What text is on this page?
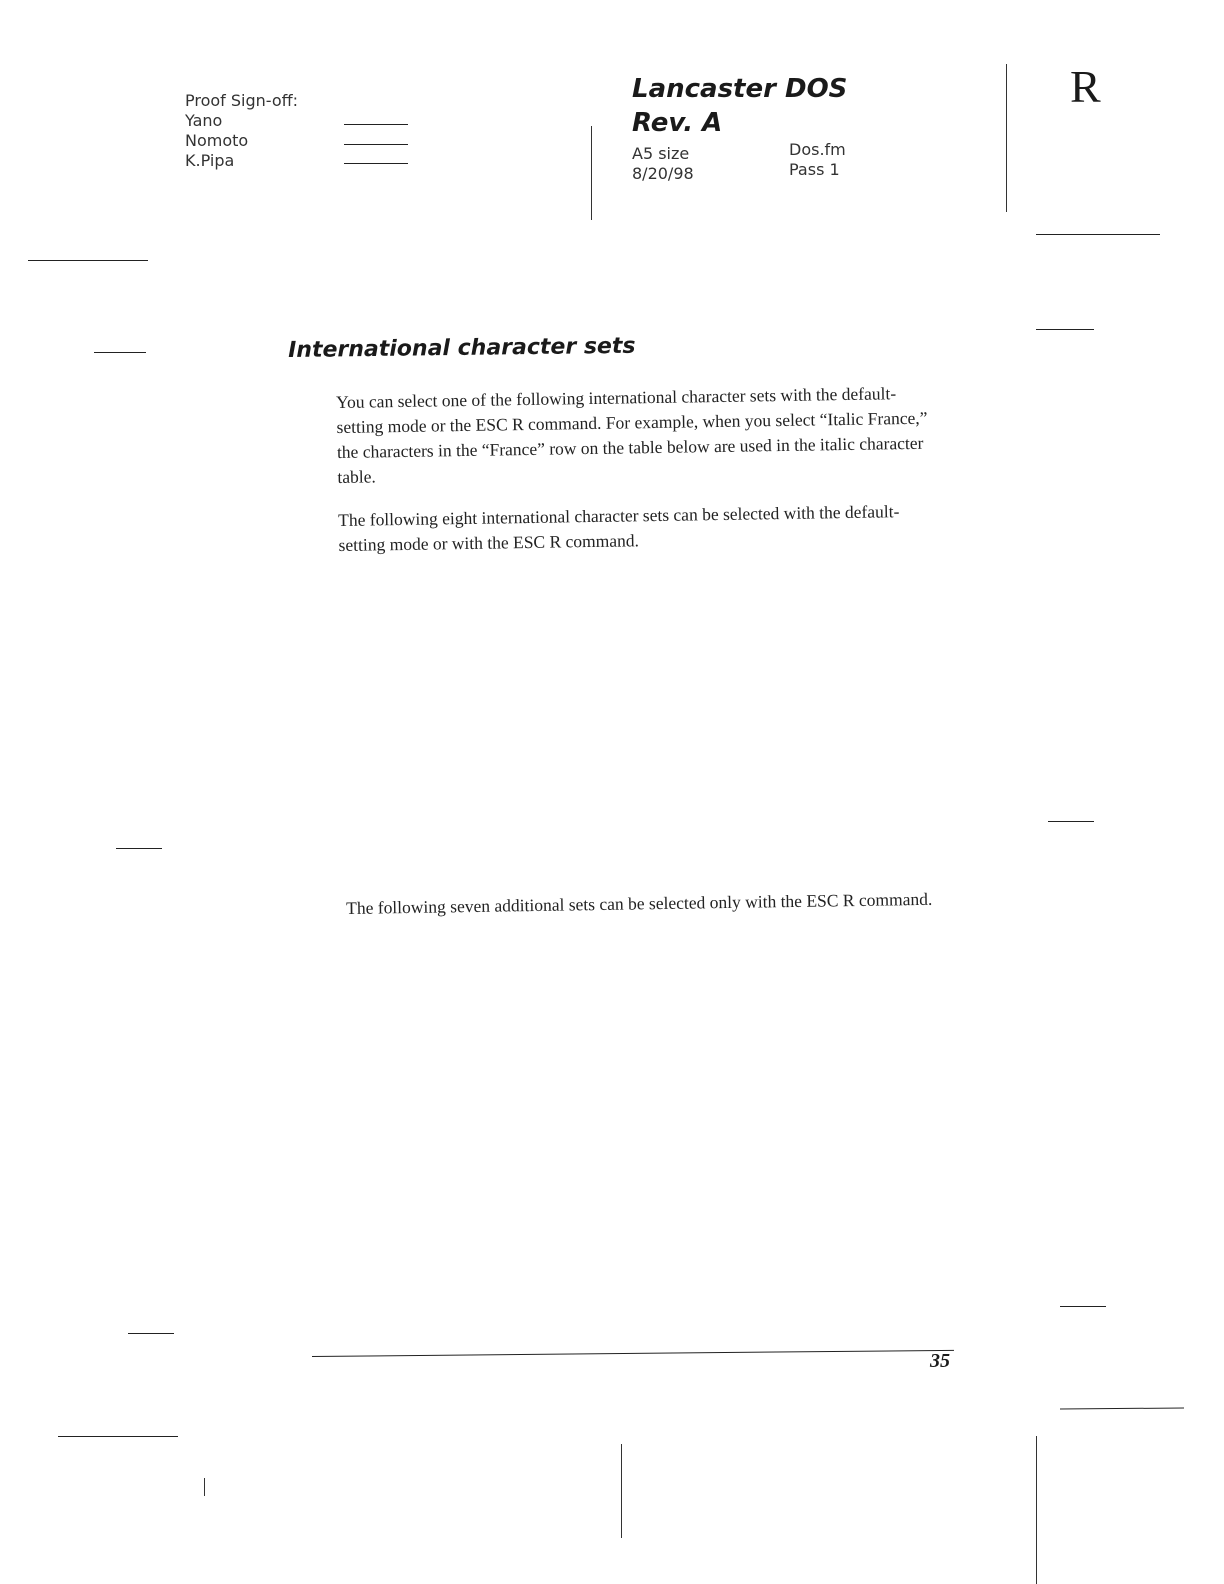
Proof Sign-off:
Yano
Nomoto
K.Pipa
Lancaster DOS
Rev. A
A5 size
8/20/98
Dos.fm
Pass 1
R
International character sets
You can select one of the following international character sets with the default-setting mode or the ESC R command. For example, when you select “Italic France,” the characters in the “France” row on the table below are used in the italic character table.
The following eight international character sets can be selected with the default-setting mode or with the ESC R command.
The following seven additional sets can be selected only with the ESC R command.
35
